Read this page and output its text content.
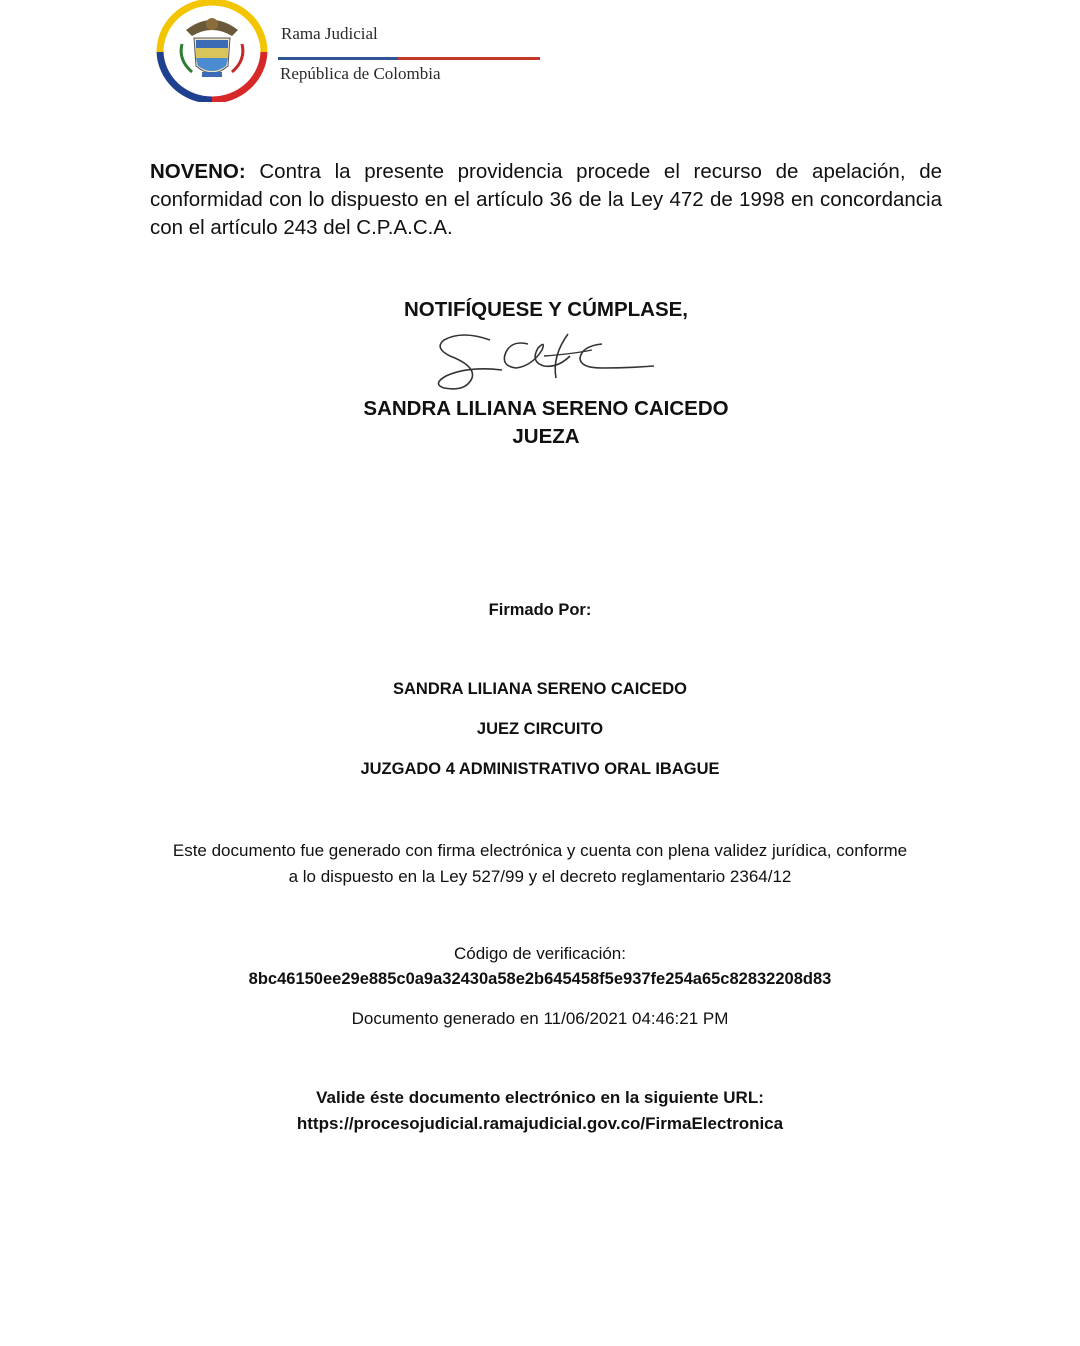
Rama Judicial
República de Colombia
NOVENO: Contra la presente providencia procede el recurso de apelación, de conformidad con lo dispuesto en el artículo 36 de la Ley 472 de 1998 en concordancia con el artículo 243 del C.P.A.C.A.
NOTIFÍQUESE Y CÚMPLASE,
SANDRA LILIANA SERENO CAICEDO
JUEZA
Firmado Por:
SANDRA LILIANA SERENO CAICEDO
JUEZ CIRCUITO
JUZGADO 4 ADMINISTRATIVO ORAL IBAGUE
Este documento fue generado con firma electrónica y cuenta con plena validez jurídica, conforme
a lo dispuesto en la Ley 527/99 y el decreto reglamentario 2364/12
Código de verificación:
8bc46150ee29e885c0a9a32430a58e2b645458f5e937fe254a65c82832208d83
Documento generado en 11/06/2021 04:46:21 PM
Valide éste documento electrónico en la siguiente URL:
https://procesojudicial.ramajudicial.gov.co/FirmaElectronica
